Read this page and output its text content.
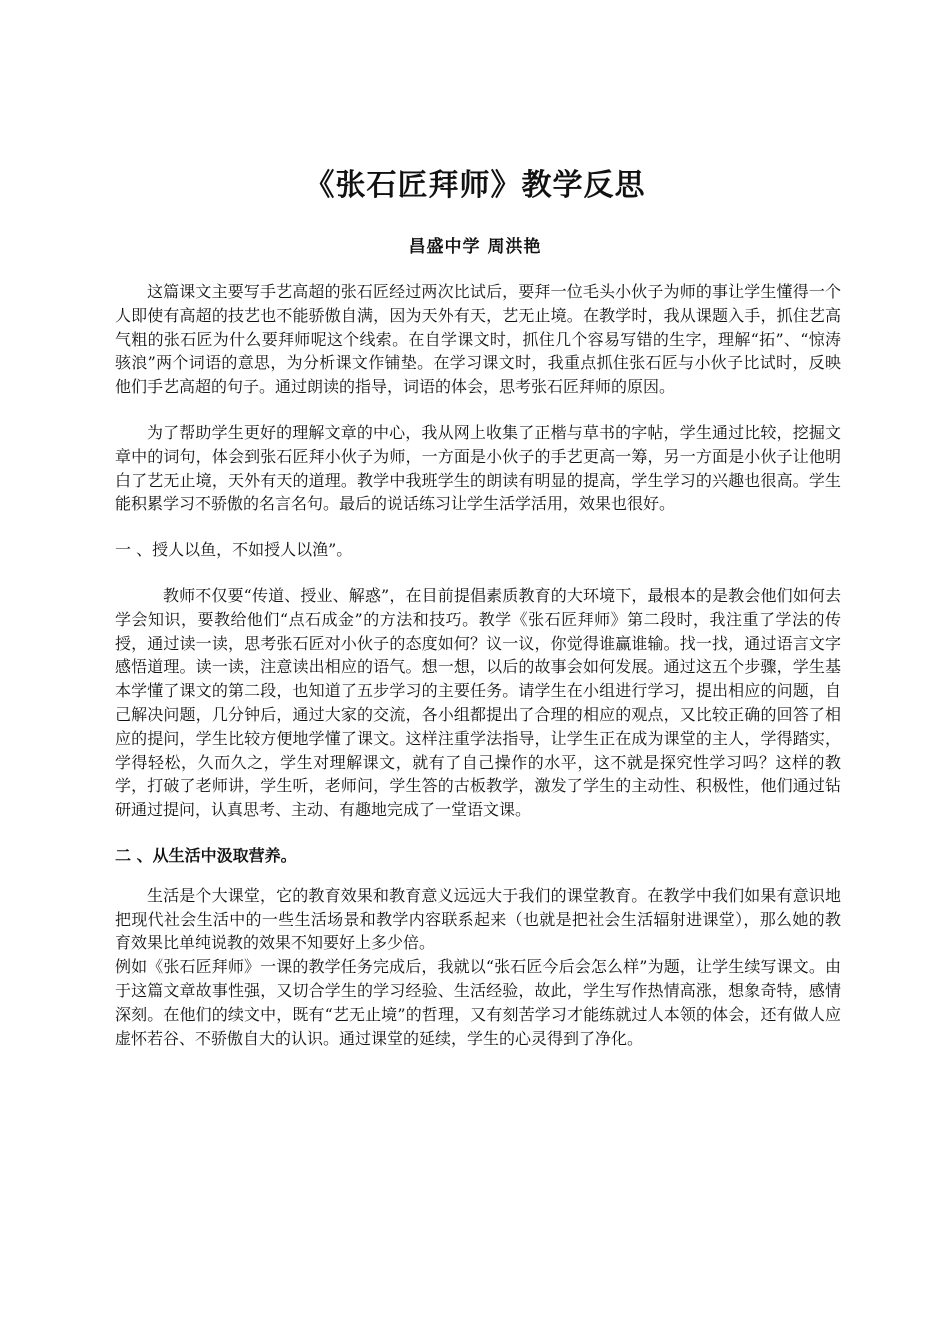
《张石匠拜师》教学反思
昌盛中学 周洪艳

这篇课文主要写手艺高超的张石匠经过两次比试后，要拜一位毛头小伙子为师的事让学生懂得一个人即使有高超的技艺也不能骄傲自满，因为天外有天，艺无止境。在教学时，我从课题入手，抓住艺高气粗的张石匠为什么要拜师呢这个线索。在自学课文时，抓住几个容易写错的生字，理解“拓”、“惊涛骇浪”两个词语的意思，为分析课文作铺垫。在学习课文时，我重点抓住张石匠与小伙子比试时，反映他们手艺高超的句子。通过朗读的指导，词语的体会，思考张石匠拜师的原因。

为了帮助学生更好的理解文章的中心，我从网上收集了正楷与草书的字帖，学生通过比较，挖掘文章中的词句，体会到张石匠拜小伙子为师，一方面是小伙子的手艺更高一筹，另一方面是小伙子让他明白了艺无止境，天外有天的道理。教学中我班学生的朗读有明显的提高，学生学习的兴趣也很高。学生能积累学习不骄傲的名言名句。最后的说话练习让学生活学活用，效果也很好。

一 、授人以鱼，不如授人以渔”。

教师不仅要“传道、授业、解惑”，在目前提倡素质教育的大环境下，最根本的是教会他们如何去学会知识，要教给他们“点石成金”的方法和技巧。教学《张石匠拜师》第二段时，我注重了学法的传授，通过读一读，思考张石匠对小伙子的态度如何？议一议，你觉得谁赢谁输。找一找，通过语言文字感悟道理。读一读，注意读出相应的语气。想一想，以后的故事会如何发展。通过这五个步骤，学生基本学懂了课文的第二段，也知道了五步学习的主要任务。请学生在小组进行学习，提出相应的问题，自己解决问题，几分钟后，通过大家的交流，各小组都提出了合理的相应的观点，又比较正确的回答了相应的提问，学生比较方便地学懂了课文。这样注重学法指导，让学生正在成为课堂的主人，学得踏实，学得轻松，久而久之，学生对理解课文，就有了自己操作的水平，这不就是探究性学习吗？这样的教学，打破了老师讲，学生听，老师问，学生答的古板教学，激发了学生的主动性、积极性，他们通过钻研通过提问，认真思考、主动、有趣地完成了一堂语文课。

二 、从生活中汲取营养。

生活是个大课堂，它的教育效果和教育意义远远大于我们的课堂教育。在教学中我们如果有意识地把现代社会生活中的一些生活场景和教学内容联系起来（也就是把社会生活辐射进课堂），那么她的教育效果比单纯说教的效果不知要好上多少倍。

例如《张石匠拜师》一课的教学任务完成后，我就以“张石匠今后会怎么样”为题，让学生续写课文。由于这篇文章故事性强，又切合学生的学习经验、生活经验，故此，学生写作热情高涨，想象奇特，感情深刻。在他们的续文中，既有“艺无止境”的哲理，又有刻苦学习才能练就过人本领的体会，还有做人应虚怀若谷、不骄傲自大的认识。通过课堂的延续，学生的心灵得到了净化。
